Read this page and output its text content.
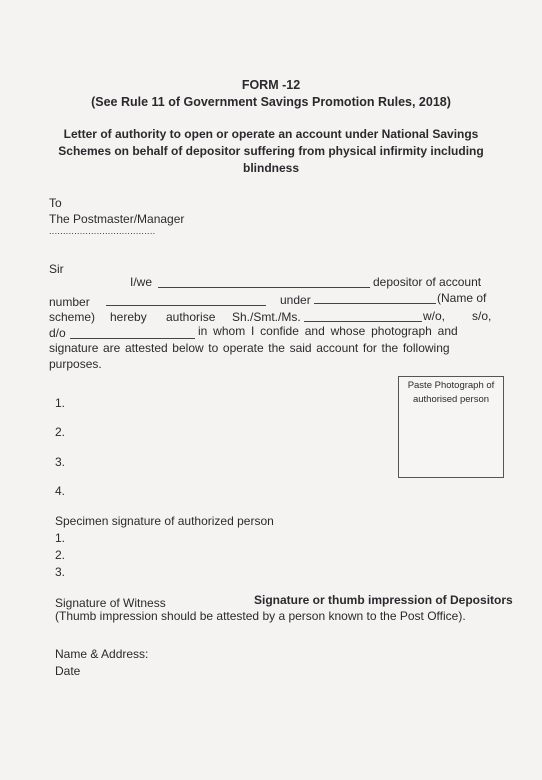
FORM -12
(See Rule 11 of Government Savings Promotion Rules, 2018)
Letter of authority to open or operate an account under National Savings
Schemes on behalf of depositor suffering from physical infirmity including
blindness
To
The Postmaster/Manager
......................................
Sir
I/we	depositor of account
number	under	(Name of
scheme) hereby authorise Sh./Smt./Ms.	w/o, s/o,
d/o	in whom I confide and whose photograph and
signature are attested below to operate the said account for the following
purposes.
1.
2.
3.
4.
Paste Photograph of
authorised person
Specimen signature of authorized person
1.
2.
3.
Signature of Witness	Signature or thumb impression of Depositors
(Thumb impression should be attested by a person known to the Post Office).
Name & Address:
Date
